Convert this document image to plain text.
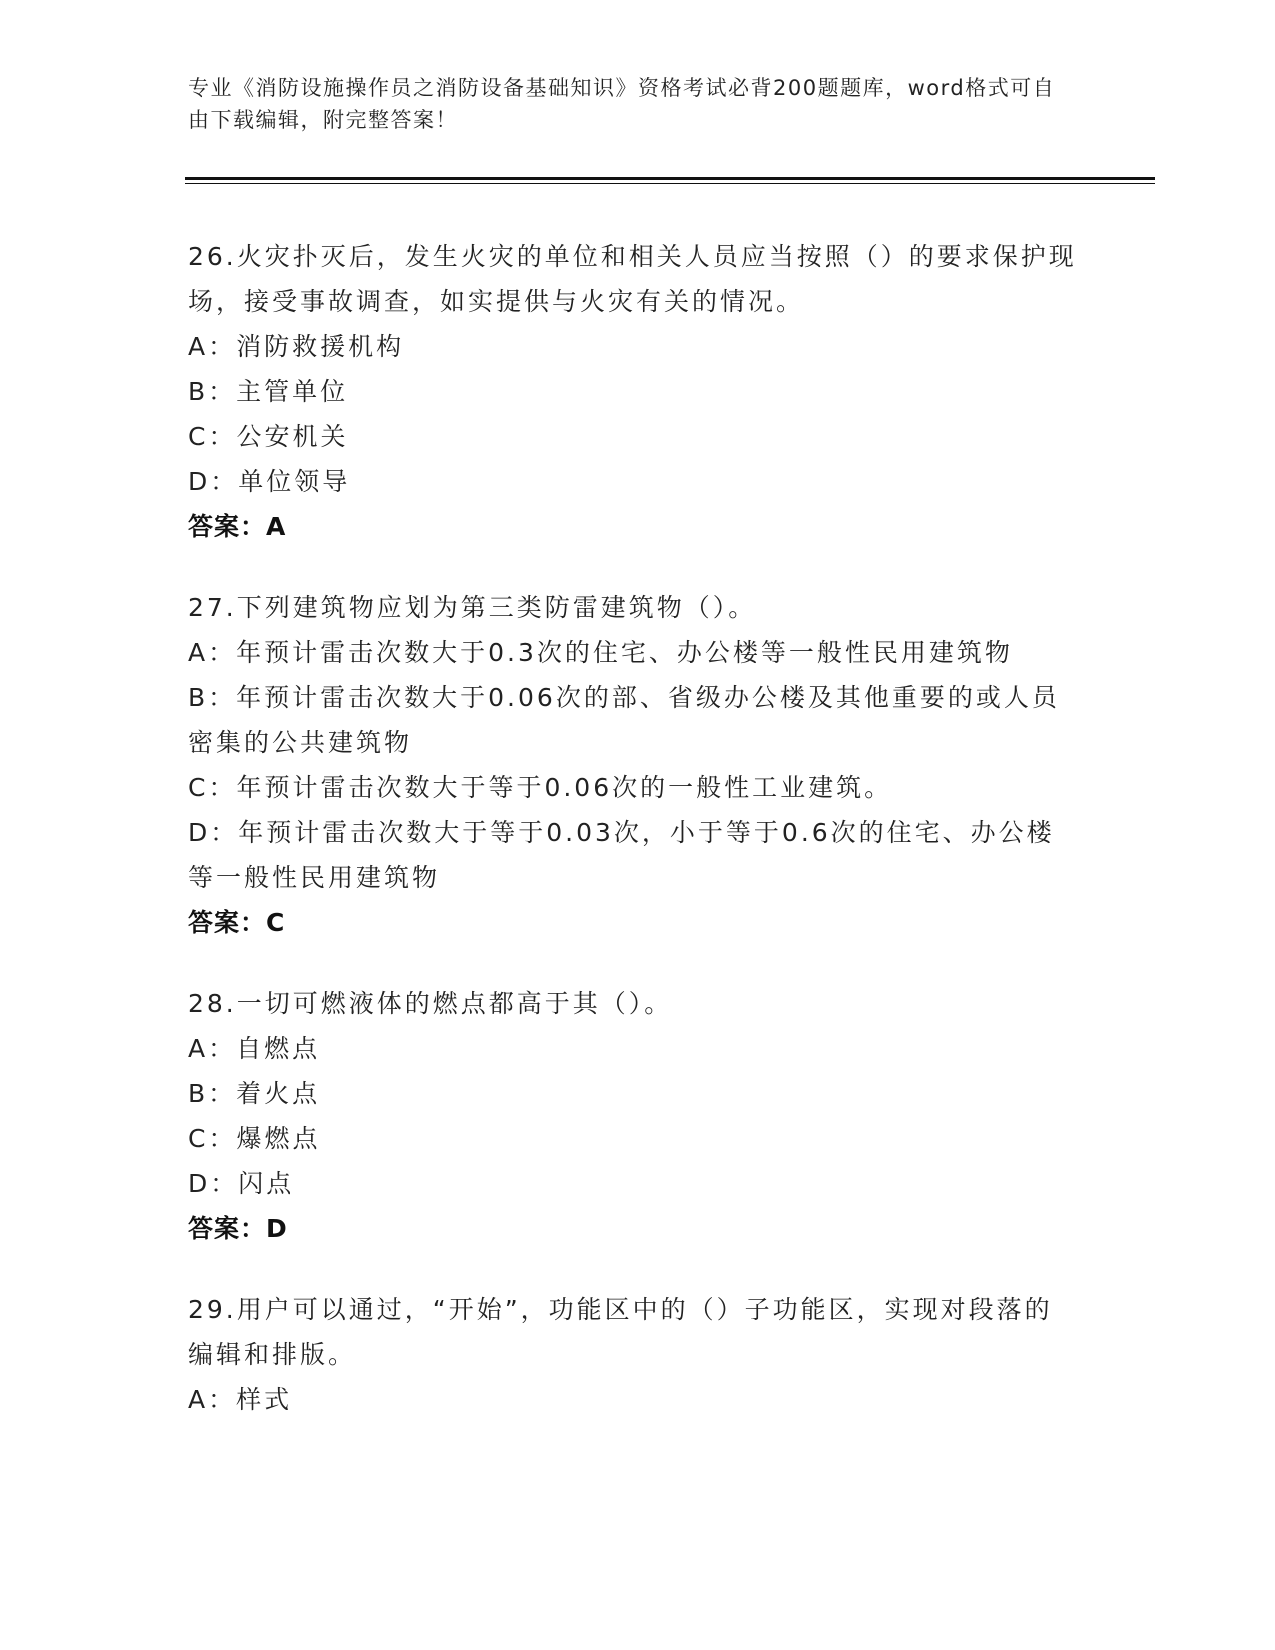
专业《消防设施操作员之消防设备基础知识》资格考试必背200题题库，word格式可自由下载编辑，附完整答案！
26.火灾扑灭后，发生火灾的单位和相关人员应当按照（）的要求保护现场，接受事故调查，如实提供与火灾有关的情况。
A：消防救援机构
B：主管单位
C：公安机关
D：单位领导
答案：A
27.下列建筑物应划为第三类防雷建筑物（）。
A：年预计雷击次数大于0.3次的住宅、办公楼等一般性民用建筑物
B：年预计雷击次数大于0.06次的部、省级办公楼及其他重要的或人员密集的公共建筑物
C：年预计雷击次数大于等于0.06次的一般性工业建筑。
D：年预计雷击次数大于等于0.03次，小于等于0.6次的住宅、办公楼等一般性民用建筑物
答案：C
28.一切可燃液体的燃点都高于其（）。
A：自燃点
B：着火点
C：爆燃点
D：闪点
答案：D
29.用户可以通过，“开始”，功能区中的（）子功能区，实现对段落的编辑和排版。
A：样式
